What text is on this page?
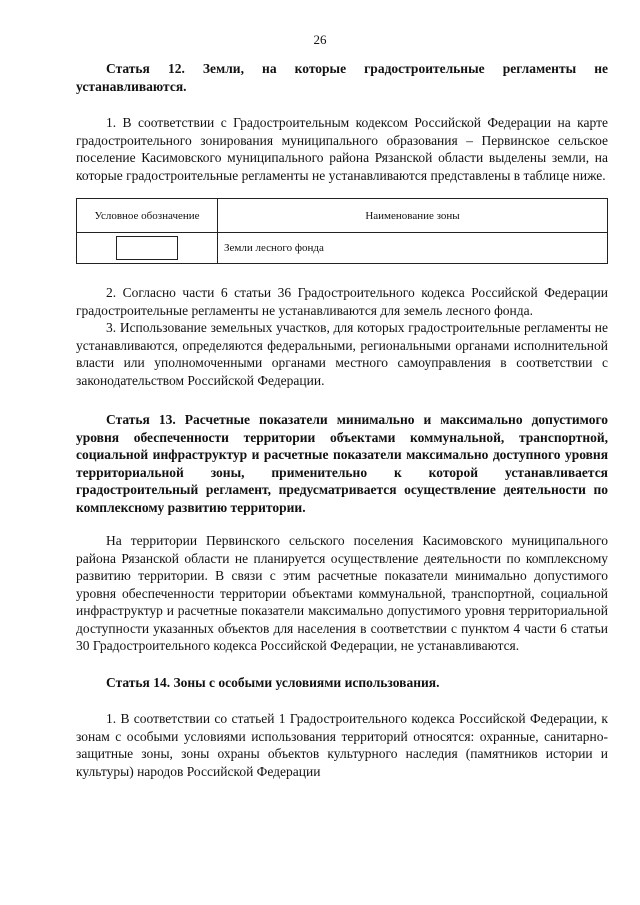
26

Статья 12. Земли, на которые градостроительные регламенты не устанавливаются.

1. В соответствии с Градостроительным кодексом Российской Федерации на карте градостроительного зонирования муниципального образования – Первинское сельское поселение Касимовского муниципального района Рязанской области выделены земли, на которые градостроительные регламенты не устанавливаются представлены в таблице ниже.

Условное обозначение	Наименование зоны
	Земли лесного фонда

2. Согласно части 6 статьи 36 Градостроительного кодекса Российской Федерации градостроительные регламенты не устанавливаются для земель лесного фонда.

3. Использование земельных участков, для которых градостроительные регламенты не устанавливаются, определяются федеральными, региональными органами исполнительной власти или уполномоченными органами местного самоуправления в соответствии с законодательством Российской Федерации.

Статья 13. Расчетные показатели минимально и максимально допустимого уровня обеспеченности территории объектами коммунальной, транспортной, социальной инфраструктур и расчетные показатели максимально доступного уровня территориальной зоны, применительно к которой устанавливается градостроительный регламент, предусматривается осуществление деятельности по комплексному развитию территории.

На территории Первинского сельского поселения Касимовского муниципального района Рязанской области не планируется осуществление деятельности по комплексному развитию территории. В связи с этим расчетные показатели минимально допустимого уровня обеспеченности территории объектами коммунальной, транспортной, социальной инфраструктур и расчетные показатели максимально допустимого уровня территориальной доступности указанных объектов для населения в соответствии с пунктом 4 части 6 статьи 30 Градостроительного кодекса Российской Федерации, не устанавливаются.

Статья 14. Зоны с особыми условиями использования.

1. В соответствии со статьей 1 Градостроительного кодекса Российской Федерации, к зонам с особыми условиями использования территорий относятся: охранные, санитарно-защитные зоны, зоны охраны объектов культурного наследия (памятников истории и культуры) народов Российской Федерации
